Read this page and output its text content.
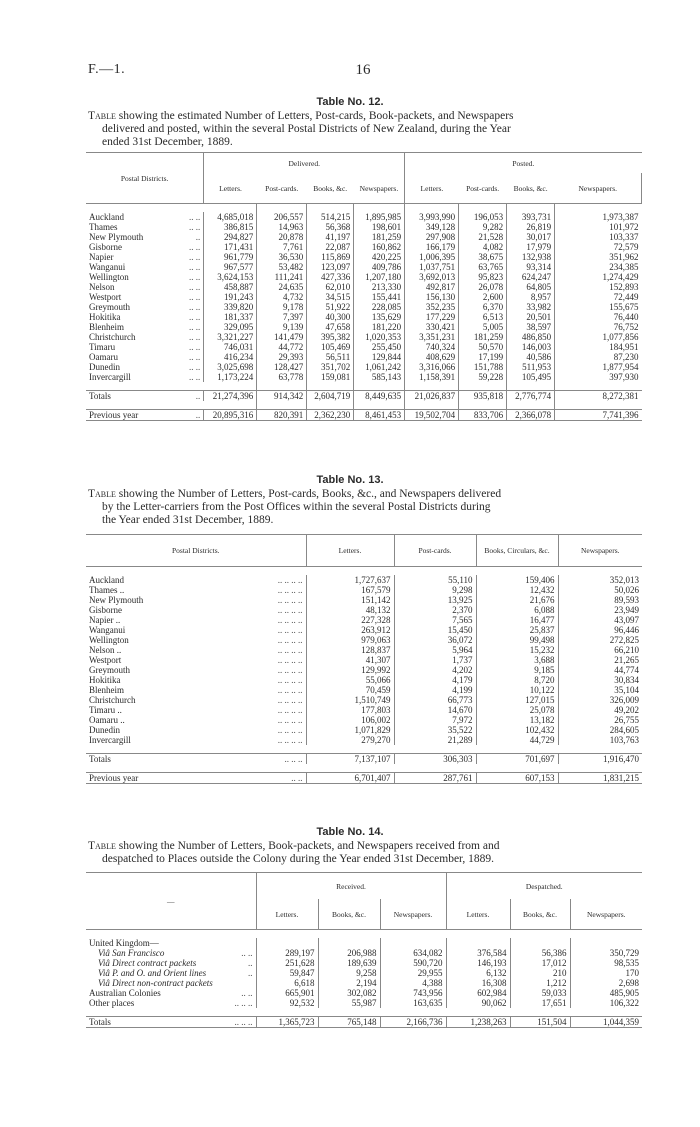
F.—1.	16
Table No. 12.
Table showing the estimated Number of Letters, Post-cards, Book-packets, and Newspapers
delivered and posted, within the several Postal Districts of New Zealand, during the Year
ended 31st December, 1889.
Postal Districts.	Delivered.				Posted.			
	Letters.	Post-cards.	Books, &c.	Newspapers.	Letters.	Post-cards.	Books, &c.	Newspapers.

Auckland .. ..	4,685,018	206,557	514,215	1,895,985	3,993,990	196,053	393,731	1,973,387
Thames .. ..	386,815	14,963	56,368	198,601	349,128	9,282	26,819	101,972
New Plymouth ..	294,827	20,878	41,197	181,259	297,908	21,528	30,017	103,337
Gisborne .. ..	171,431	7,761	22,087	160,862	166,179	4,082	17,979	72,579
Napier .. ..	961,779	36,530	115,869	420,225	1,006,395	38,675	132,938	351,962
Wanganui .. ..	967,577	53,482	123,097	409,786	1,037,751	63,765	93,314	234,385
Wellington .. ..	3,624,153	111,241	427,336	1,207,180	3,692,013	95,823	624,247	1,274,429
Nelson .. ..	458,887	24,635	62,010	213,330	492,817	26,078	64,805	152,893
Westport .. ..	191,243	4,732	34,515	155,441	156,130	2,600	8,957	72,449
Greymouth .. ..	339,820	9,178	51,922	228,085	352,235	6,370	33,982	155,675
Hokitika .. ..	181,337	7,397	40,300	135,629	177,229	6,513	20,501	76,440
Blenheim .. ..	329,095	9,139	47,658	181,220	330,421	5,005	38,597	76,752
Christchurch .. ..	3,321,227	141,479	395,382	1,020,353	3,351,231	181,259	486,850	1,077,856
Timaru .. ..	746,031	44,772	105,469	255,450	740,324	50,570	146,003	184,951
Oamaru .. ..	416,234	29,393	56,511	129,844	408,629	17,199	40,586	87,230
Dunedin .. ..	3,025,698	128,427	351,702	1,061,242	3,316,066	151,788	511,953	1,877,954
Invercargill .. ..	1,173,224	63,778	159,081	585,143	1,158,391	59,228	105,495	397,930

Totals ..	21,274,396	914,342	2,604,719	8,449,635	21,026,837	935,818	2,776,774	8,272,381

Previous year ..	20,895,316	820,391	2,362,230	8,461,453	19,502,704	833,706	2,366,078	7,741,396
Table No. 13.
Table showing the Number of Letters, Post-cards, Books, &c., and Newspapers delivered
by the Letter-carriers from the Post Offices within the several Postal Districts during
the Year ended 31st December, 1889.
Postal Districts.	Letters.	Post-cards.	Books, Circulars, &c.	Newspapers.

Auckland .. .. .. ..	1,727,637	55,110	159,406	352,013
Thames .. .. .. .. ..	167,579	9,298	12,432	50,026
New Plymouth .. .. .. ..	151,142	13,925	21,676	89,593
Gisborne .. .. .. ..	48,132	2,370	6,088	23,949
Napier .. .. .. .. ..	227,328	7,565	16,477	43,097
Wanganui .. .. .. ..	263,912	15,450	25,837	96,446
Wellington .. .. .. ..	979,063	36,072	99,498	272,825
Nelson .. .. .. .. ..	128,837	5,964	15,232	66,210
Westport .. .. .. ..	41,307	1,737	3,688	21,265
Greymouth .. .. .. ..	129,992	4,202	9,185	44,774
Hokitika .. .. .. ..	55,066	4,179	8,720	30,834
Blenheim .. .. .. ..	70,459	4,199	10,122	35,104
Christchurch .. .. .. ..	1,510,749	66,773	127,015	326,009
Timaru .. .. .. .. ..	177,803	14,670	25,078	49,202
Oamaru .. .. .. .. ..	106,002	7,972	13,182	26,755
Dunedin .. .. .. ..	1,071,829	35,522	102,432	284,605
Invercargill .. .. .. ..	279,270	21,289	44,729	103,763

Totals .. .. ..	7,137,107	306,303	701,697	1,916,470

Previous year .. ..	6,701,407	287,761	607,153	1,831,215
Table No. 14.
Table showing the Number of Letters, Book-packets, and Newspapers received from and
despatched to Places outside the Colony during the Year ended 31st December, 1889.
—	Received.			Despatched.		
	Letters.	Books, &c.	Newspapers.	Letters.	Books, &c.	Newspapers.

United Kingdom—						
Viâ San Francisco .. ..	289,197	206,988	634,082	376,584	56,386	350,729
Viâ Direct contract packets ..	251,628	189,639	590,720	146,193	17,012	98,535
Viâ P. and O. and Orient lines ..	59,847	9,258	29,955	6,132	210	170
Viâ Direct non-contract packets	6,618	2,194	4,388	16,308	1,212	2,698
Australian Colonies .. ..	665,901	302,082	743,956	602,984	59,033	485,905
Other places .. .. ..	92,532	55,987	163,635	90,062	17,651	106,322

Totals .. .. ..	1,365,723	765,148	2,166,736	1,238,263	151,504	1,044,359
